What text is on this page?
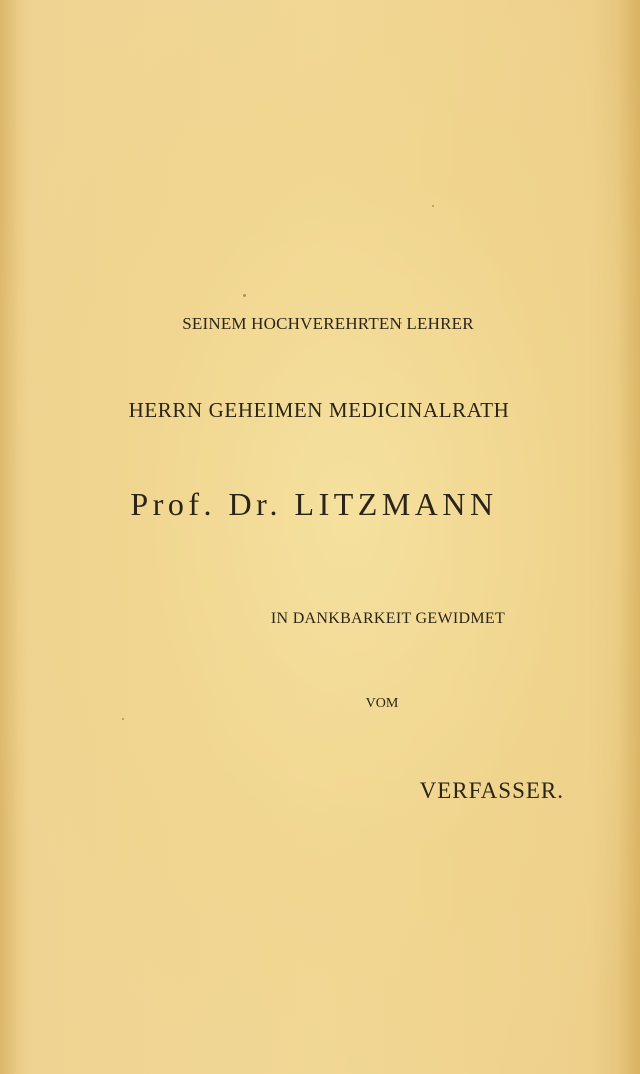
SEINEM HOCHVEREHRTEN LEHRER
HERRN GEHEIMEN MEDICINALRATH
Prof. Dr. LITZMANN
IN DANKBARKEIT GEWIDMET
VOM
VERFASSER.
